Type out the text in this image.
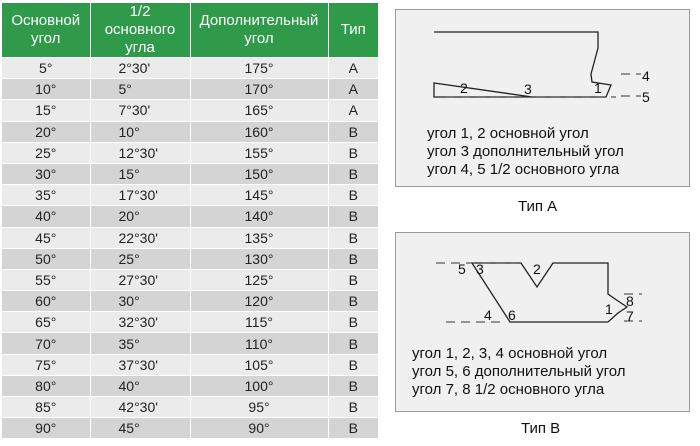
Основной угол	1/2 основного угла	Дополнительный угол	Тип
5°	2°30'	175°	A
10°	5°	170°	A
15°	7°30'	165°	A
20°	10°	160°	B
25°	12°30'	155°	B
30°	15°	150°	B
35°	17°30'	145°	B
40°	20°	140°	B
45°	22°30'	135°	B
50°	25°	130°	B
55°	27°30'	125°	B
60°	30°	120°	B
65°	32°30'	115°	B
70°	35°	110°	B
75°	37°30'	105°	B
80°	40°	100°	B
85°	42°30'	95°	B
90°	45°	90°	B
2	3	1
4
5
угол 1, 2 основной угол
угол 3 дополнительный угол
угол 4, 5 1/2 основного угла
Тип A
5 3	2
4 6	1 8
7
угол 1, 2, 3, 4 основной угол
угол 5, 6 дополнительный угол
угол 7, 8 1/2 основного угла
Тип B
